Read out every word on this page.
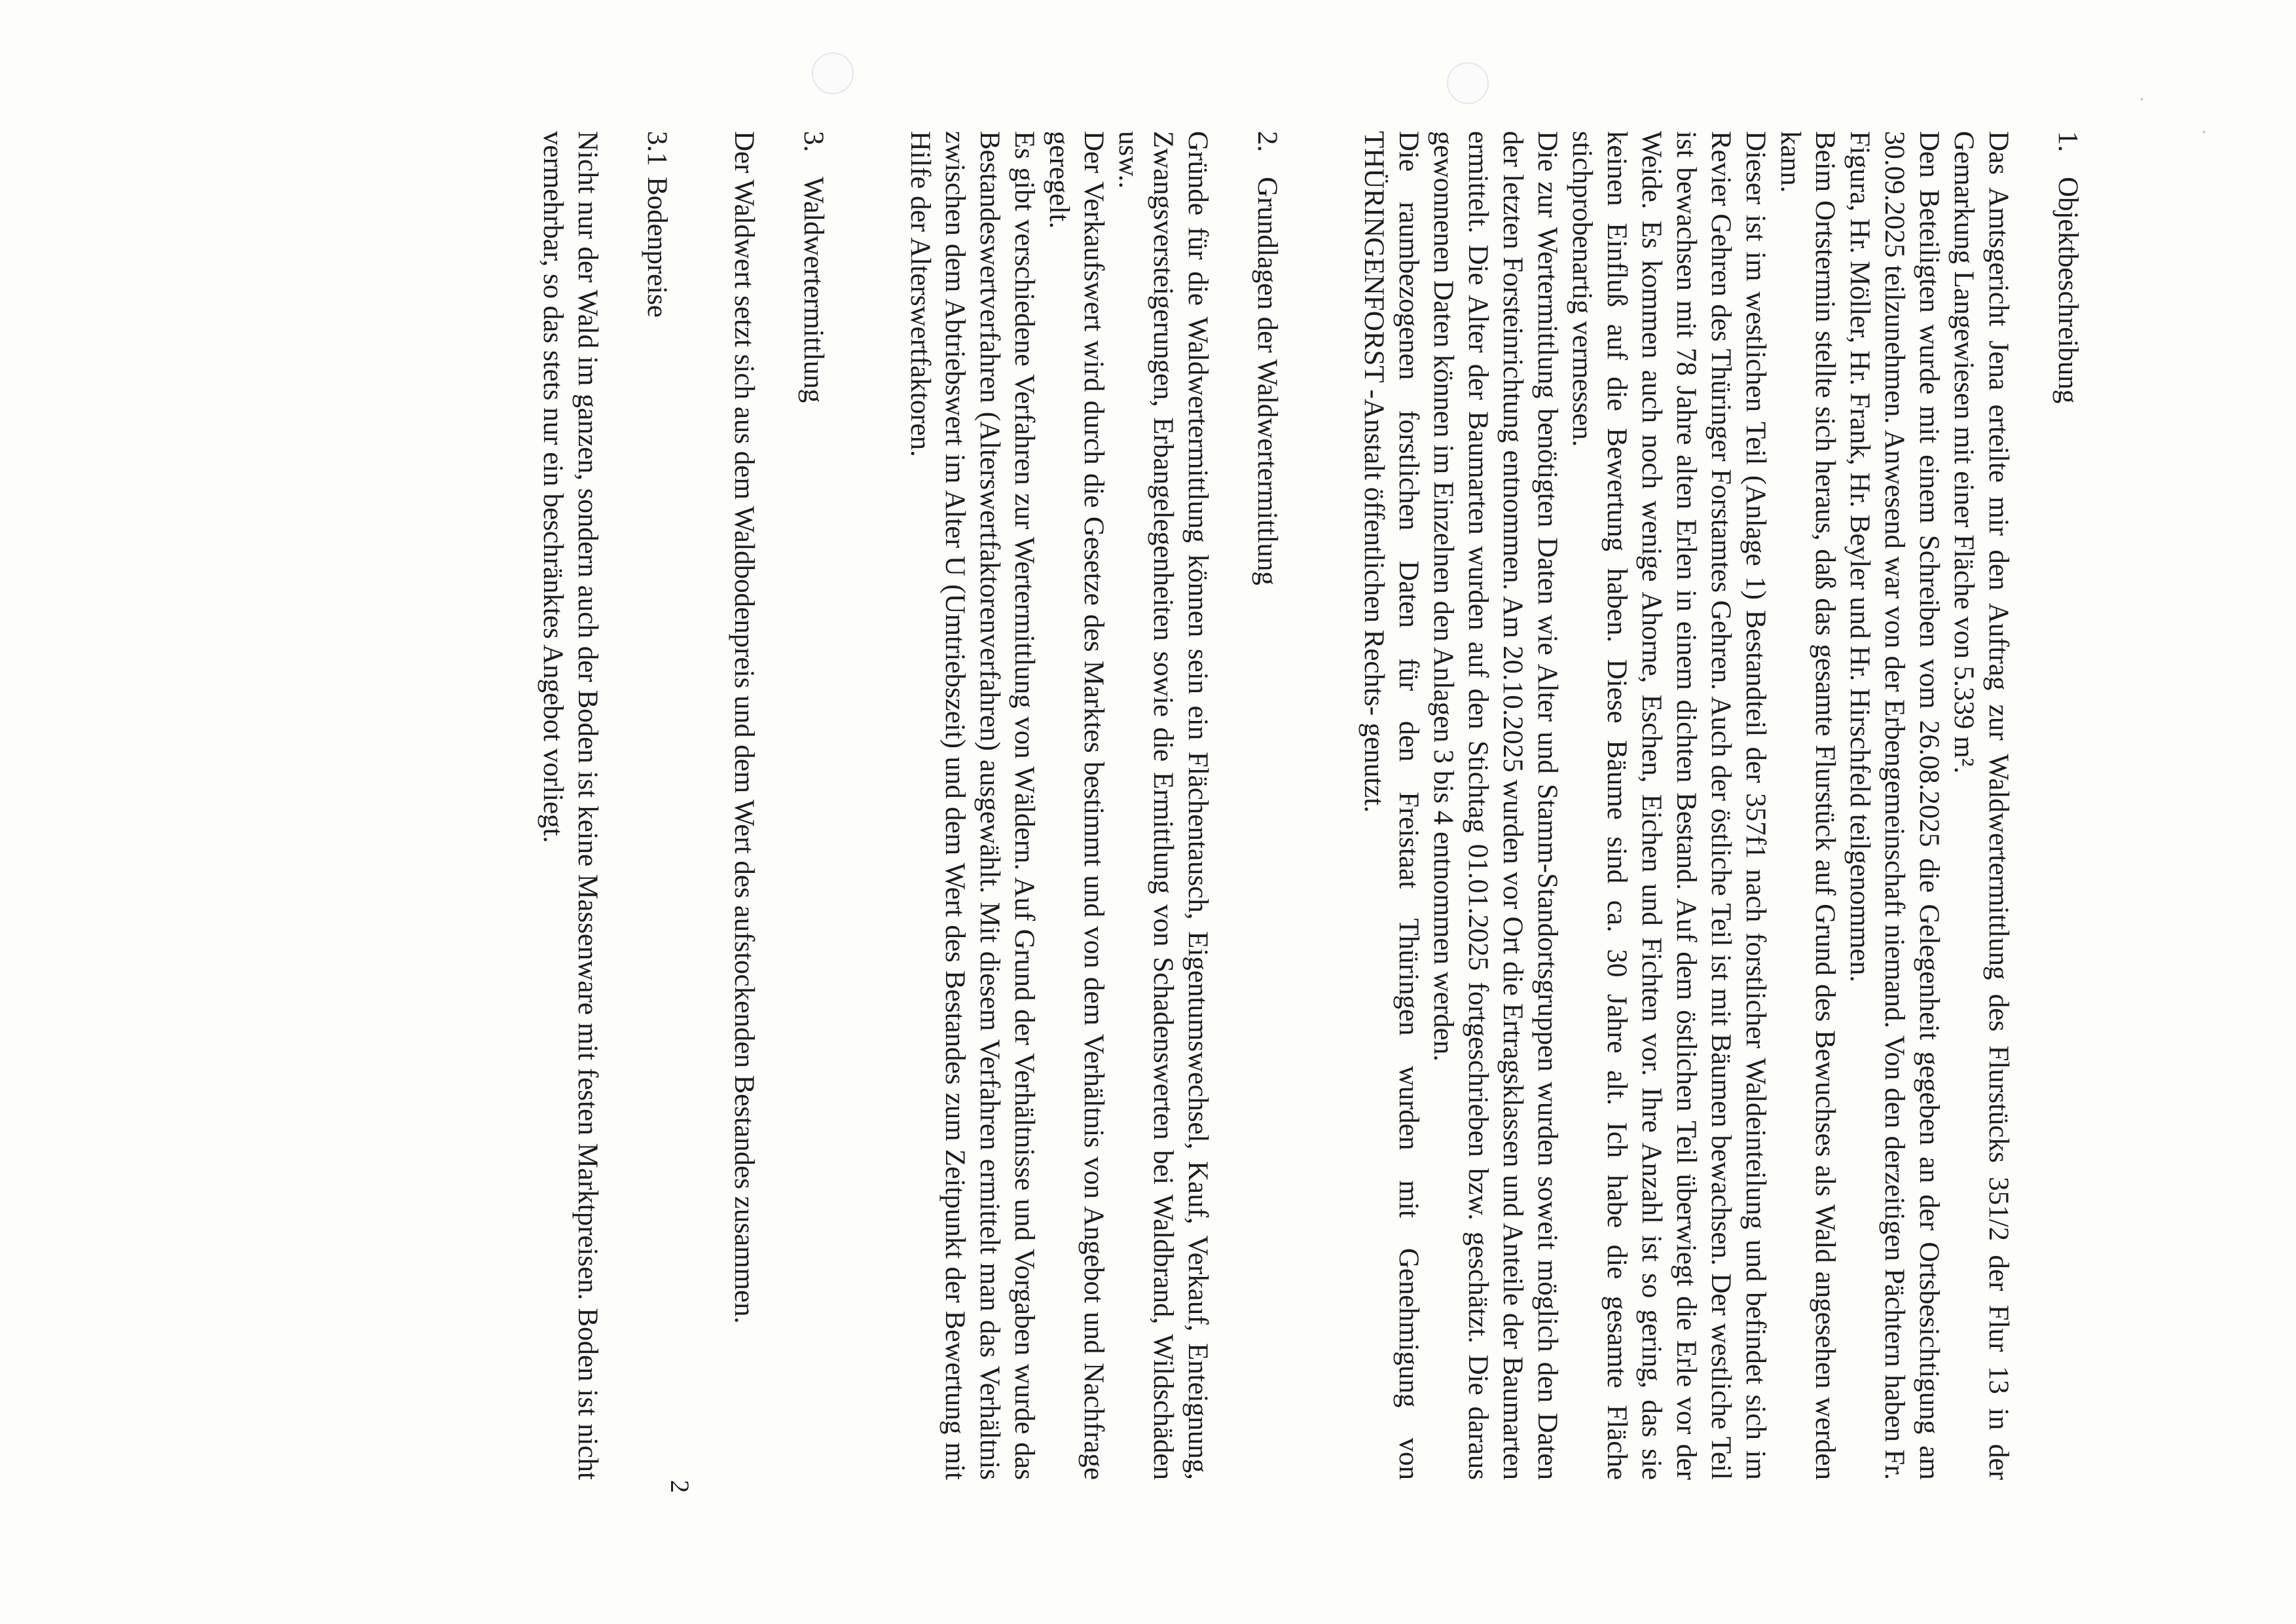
1.
Objektbeschreibung

Das Amtsgericht Jena erteilte mir den Auftrag zur Waldwertermittlung des Flurstücks 351/2 der Flur 13 in der Gemarkung Langewiesen mit einer Fläche von 5.339 m².

Den Beteiligten wurde mit einem Schreiben vom 26.08.2025 die Gelegenheit gegeben an der Ortsbesichtigung am 30.09.2025 teilzunehmen. Anwesend war von der Erbengemeinschaft niemand. Von den derzeitigen Pächtern haben Fr. Figura, Hr. Möller, Hr. Frank, Hr. Beyler und Hr. Hirschfeld teilgenommen.

Beim Ortstermin stellte sich heraus, daß das gesamte Flurstück auf Grund des Bewuchses als Wald angesehen werden kann.

Dieser ist im westlichen Teil (Anlage 1) Bestandteil der 357f1 nach forstlicher Waldeinteilung und befindet sich im Revier Gehren des Thüringer Forstamtes Gehren. Auch der östliche Teil ist mit Bäumen bewachsen. Der westliche Teil ist bewachsen mit 78 Jahre alten Erlen in einem dichten Bestand. Auf dem östlichen Teil überwiegt die Erle vor der Weide. Es kommen auch noch wenige Ahorne, Eschen, Eichen und Fichten vor. Ihre Anzahl ist so gering, das sie keinen Einfluß auf die Bewertung haben. Diese Bäume sind ca. 30 Jahre alt. Ich habe die gesamte Fläche stichprobenartig vermessen.

Die zur Wertermittlung benötigten Daten wie Alter und Stamm-Standortsgruppen wurden soweit möglich den Daten der letzten Forsteinrichtung entnommen. Am 20.10.2025 wurden vor Ort die Ertragsklassen und Anteile der Baumarten ermittelt. Die Alter der Baumarten wurden auf den Stichtag 01.01.2025 fortgeschrieben bzw. geschätzt. Die daraus gewonnenen Daten können im Einzelnen den Anlagen 3 bis 4 entnommen werden.

Die raumbezogenen forstlichen Daten für den Freistaat Thüringen wurden mit Genehmigung von THÜRINGENFORST -Anstalt öffentlichen Rechts- genutzt.

2.
Grundlagen der Waldwertermittlung

Gründe für die Waldwertermittlung können sein ein Flächentausch, Eigentumswechsel, Kauf, Verkauf, Enteignung, Zwangsversteigerungen, Erbangelegenheiten sowie die Ermittlung von Schadenswerten bei Waldbrand, Wildschäden usw..

Der Verkaufswert wird durch die Gesetze des Marktes bestimmt und von dem Verhältnis von Angebot und Nachfrage geregelt.

Es gibt verschiedene Verfahren zur Wertermittlung von Wäldern. Auf Grund der Verhältnisse und Vorgaben wurde das Bestandeswertverfahren (Alterswertfaktorenverfahren) ausgewählt. Mit diesem Verfahren ermittelt man das Verhältnis zwischen dem Abtriebswert im Alter U (Umtriebszeit) und dem Wert des Bestandes zum Zeitpunkt der Bewertung mit Hilfe der Alterswertfaktoren.

3.
Waldwertermittlung

Der Waldwert setzt sich aus dem Waldbodenpreis und dem Wert des aufstockenden Bestandes zusammen.

3.1
Bodenpreise

Nicht nur der Wald im ganzen, sondern auch der Boden ist keine Massenware mit festen Marktpreisen. Boden ist nicht vermehrbar, so das stets nur ein beschränktes Angebot vorliegt.

2
